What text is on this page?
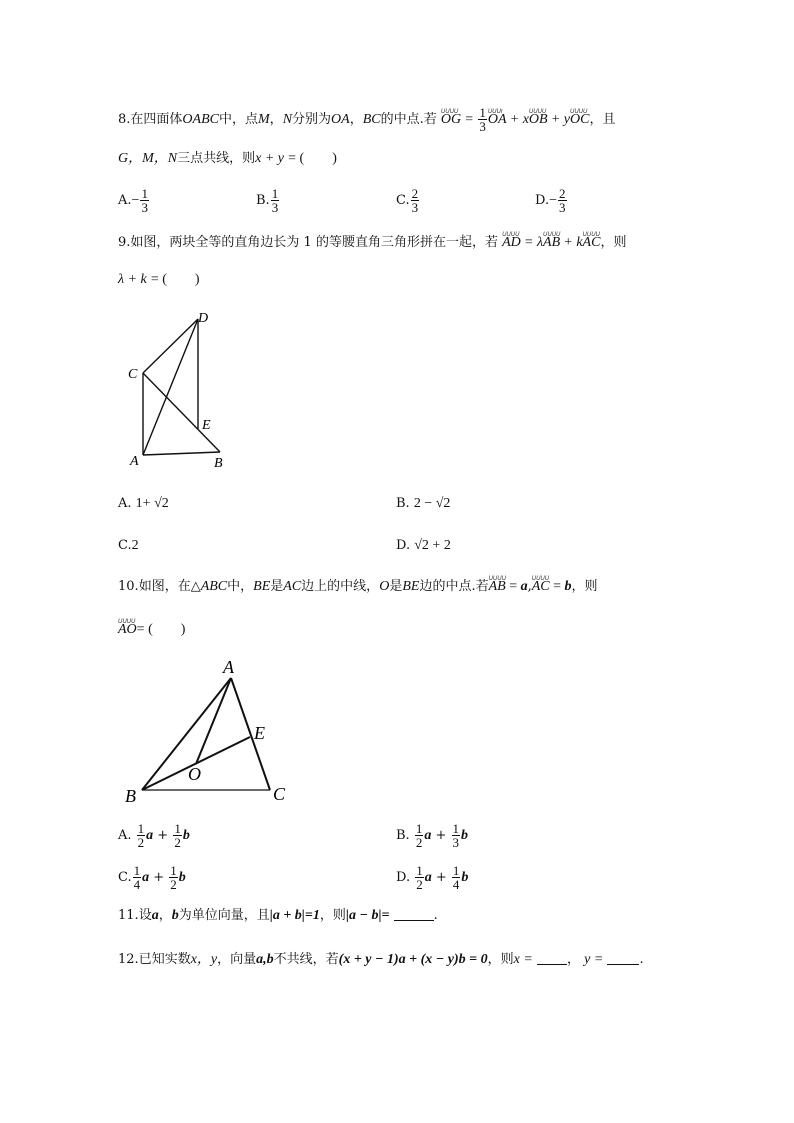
8.在四面体OABC中，点M，N分别为OA，BC的中点.若 UUUU OG = $\frac{1}{3}$ UUUr OA + xUUUU OB + yUUUU OC，且
G，M，N三点共线，则x + y = (　　)
$A.- \frac{1}{3}$	B. $\frac{1}{3}$	C. $\frac{2}{3}$	$D.- \frac{2}{3}$
9.如图，两块全等的直角边长为 1 的等腰直角三角形拼在一起，若 UUUU AD = λUUUU AB + kUUUU AC，则
λ + k = (　　)
D
C
E
A	B
A. 1+ √2	B. 2 − √2
C.2	D. √2 + 2
10.如图，在△ABC中，BE是AC边上的中线，O是BE边的中点.若UUUU AB = a,UUUU AC = b，则
UUUU AO= (　　)
A
E
O
B	C
A. $\frac{1}{2}$ $a + \frac{1}{2}$ b	B. $\frac{1}{2}$ $a + \frac{1}{3}$ b
C. $\frac{1}{4}$ $a + \frac{1}{2}$ b	D. $\frac{1}{2}$ $a + \frac{1}{4}$ b
11.设a，b为单位向量，且|a + b|=1，则|a − b|=	.
12.已知实数x，y，向量a,b不共线，若(x + y − 1)a + (x − y)b = 0，则x =	， y =	.
